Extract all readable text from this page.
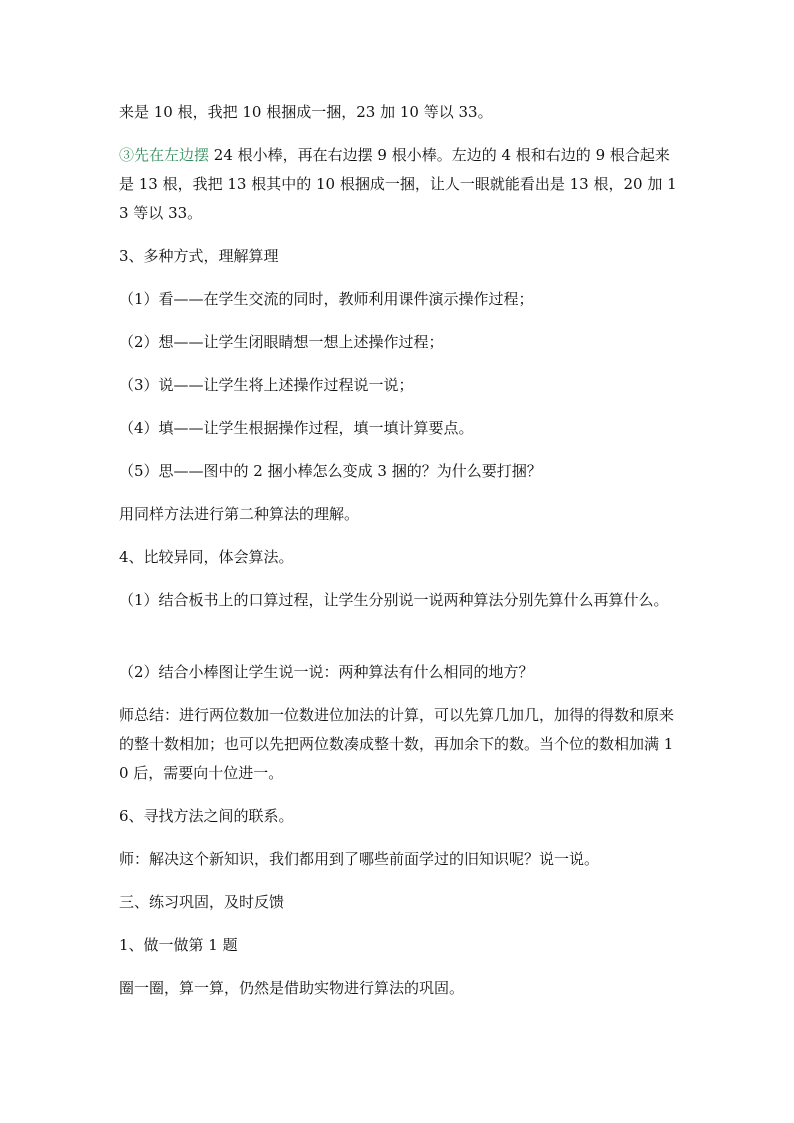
来是 10 根，我把 10 根捆成一捆，23 加 10 等以 33。

③先在左边摆 24 根小棒，再在右边摆 9 根小棒。左边的 4 根和右边的 9 根合起来是 13 根，我把 13 根其中的 10 根捆成一捆，让人一眼就能看出是 13 根，20 加 13 等以 33。

3、多种方式，理解算理

（1）看——在学生交流的同时，教师利用课件演示操作过程；

（2）想——让学生闭眼睛想一想上述操作过程；

（3）说——让学生将上述操作过程说一说；

（4）填——让学生根据操作过程，填一填计算要点。

（5）思——图中的 2 捆小棒怎么变成 3 捆的？为什么要打捆？

用同样方法进行第二种算法的理解。

4、比较异同，体会算法。

（1）结合板书上的口算过程，让学生分别说一说两种算法分别先算什么再算什么。

（2）结合小棒图让学生说一说：两种算法有什么相同的地方？

师总结：进行两位数加一位数进位加法的计算，可以先算几加几，加得的得数和原来的整十数相加；也可以先把两位数凑成整十数，再加余下的数。当个位的数相加满 10 后，需要向十位进一。

6、寻找方法之间的联系。

师：解决这个新知识，我们都用到了哪些前面学过的旧知识呢？说一说。

三、练习巩固，及时反馈

1、做一做第 1 题

圈一圈，算一算，仍然是借助实物进行算法的巩固。
